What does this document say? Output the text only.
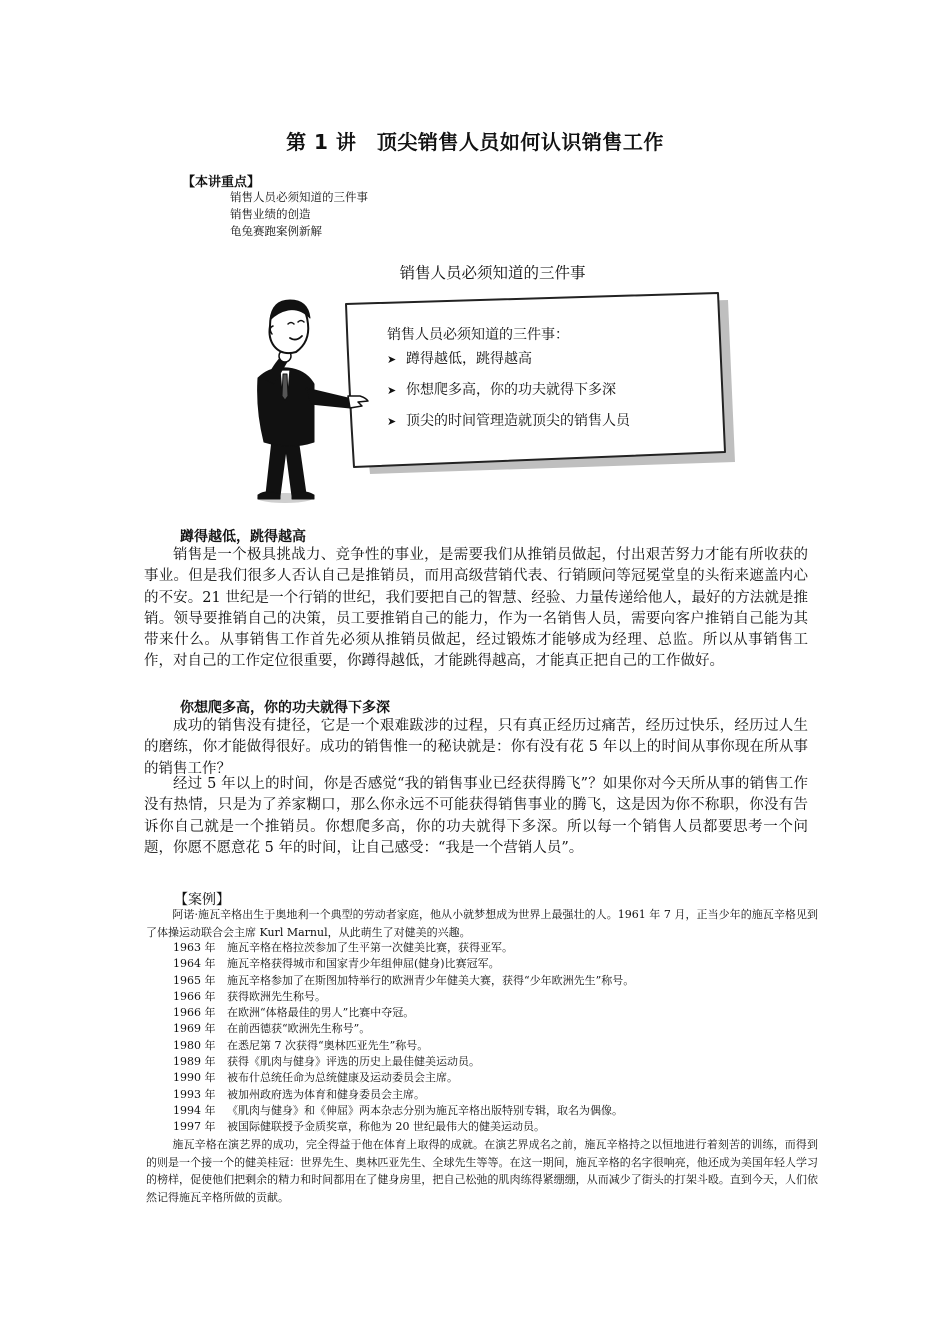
第 1 讲　顶尖销售人员如何认识销售工作
【本讲重点】
销售人员必须知道的三件事
销售业绩的创造
龟兔赛跑案例新解
销售人员必须知道的三件事
销售人员必须知道的三件事：
➤ 蹲得越低，跳得越高
➤ 你想爬多高，你的功夫就得下多深
➤ 顶尖的时间管理造就顶尖的销售人员
蹲得越低，跳得越高

销售是一个极具挑战力、竞争性的事业，是需要我们从推销员做起，付出艰苦努力才能有所收获的事业。但是我们很多人否认自己是推销员，而用高级营销代表、行销顾问等冠冕堂皇的头衔来遮盖内心的不安。21 世纪是一个行销的世纪，我们要把自己的智慧、经验、力量传递给他人，最好的方法就是推销。领导要推销自己的决策，员工要推销自己的能力，作为一名销售人员，需要向客户推销自己能为其带来什么。从事销售工作首先必须从推销员做起，经过锻炼才能够成为经理、总监。所以从事销售工作，对自己的工作定位很重要，你蹲得越低，才能跳得越高，才能真正把自己的工作做好。

你想爬多高，你的功夫就得下多深

成功的销售没有捷径，它是一个艰难跋涉的过程，只有真正经历过痛苦，经历过快乐，经历过人生的磨练，你才能做得很好。成功的销售惟一的秘诀就是：你有没有花 5 年以上的时间从事你现在所从事的销售工作？

经过 5 年以上的时间，你是否感觉“我的销售事业已经获得腾飞”？如果你对今天所从事的销售工作没有热情，只是为了养家糊口，那么你永远不可能获得销售事业的腾飞，这是因为你不称职，你没有告诉你自己就是一个推销员。你想爬多高，你的功夫就得下多深。所以每一个销售人员都要思考一个问题，你愿不愿意花 5 年的时间，让自己感受：“我是一个营销人员”。

【案例】

阿诺·施瓦辛格出生于奥地利一个典型的劳动者家庭，他从小就梦想成为世界上最强壮的人。1961 年 7 月，正当少年的施瓦辛格见到了体操运动联合会主席 Kurl Marnul，从此萌生了对健美的兴趣。

1963 年 施瓦辛格在格拉茨参加了生平第一次健美比赛，获得亚军。
1964 年 施瓦辛格获得城市和国家青少年组伸屈(健身)比赛冠军。
1965 年 施瓦辛格参加了在斯图加特举行的欧洲青少年健美大赛，获得“少年欧洲先生”称号。
1966 年 获得欧洲先生称号。
1966 年 在欧洲“体格最佳的男人”比赛中夺冠。
1969 年 在前西德获“欧洲先生称号”。
1980 年 在悉尼第 7 次获得“奥林匹亚先生”称号。
1989 年 获得《肌肉与健身》评选的历史上最佳健美运动员。
1990 年 被布什总统任命为总统健康及运动委员会主席。
1993 年 被加州政府选为体育和健身委员会主席。
1994 年 《肌肉与健身》和《伸屈》两本杂志分别为施瓦辛格出版特别专辑，取名为偶像。
1997 年 被国际健联授予金质奖章，称他为 20 世纪最伟大的健美运动员。

施瓦辛格在演艺界的成功，完全得益于他在体育上取得的成就。在演艺界成名之前，施瓦辛格持之以恒地进行着刻苦的训练，而得到的则是一个接一个的健美桂冠：世界先生、奥林匹亚先生、全球先生等等。在这一期间，施瓦辛格的名字很响亮，他还成为美国年轻人学习的榜样，促使他们把剩余的精力和时间都用在了健身房里，把自己松弛的肌肉练得紧绷绷，从而减少了街头的打架斗殴。直到今天，人们依然记得施瓦辛格所做的贡献。
